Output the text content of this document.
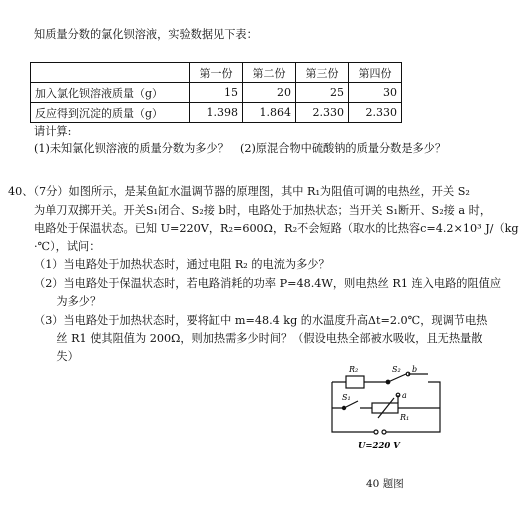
知质量分数的氯化钡溶液，实验数据见下表：
	第一份	第二份	第三份	第四份
加入氯化钡溶液质量（g）	15	20	25	30
反应得到沉淀的质量（g）	1.398	1.864	2.330	2.330
请计算:
(1)未知氯化钡溶液的质量分数为多少？　(2)原混合物中硫酸钠的质量分数是多少？
40、（7分）如图所示，是某鱼缸水温调节器的原理图，其中 R₁为阻值可调的电热丝，开关 S₂
为单刀双掷开关。开关S₁闭合、S₂接 b时，电路处于加热状态；当开关 S₁断开、S₂接 a 时，
电路处于保温状态。已知 U=220V，R₂=600Ω，R₂不会短路（取水的比热容c=4.2×10³ J/（kg
·℃），试问：
（1）当电路处于加热状态时，通过电阻 R₂ 的电流为多少？
（2）当电路处于保温状态时，若电路消耗的功率 P=48.4W，则电热丝 R1 连入电路的阻值应
　　为多少？
（3）当电路处于加热状态时，要将缸中 m=48.4 kg 的水温度升高Δt=2.0℃，现调节电热
　　丝 R1 使其阻值为 200Ω，则加热需多少时间？（假设电热全部被水吸收，且无热量散
　　失）
R₂	S₂ b
a
S₁
R₁
U=220 V
40 题图
